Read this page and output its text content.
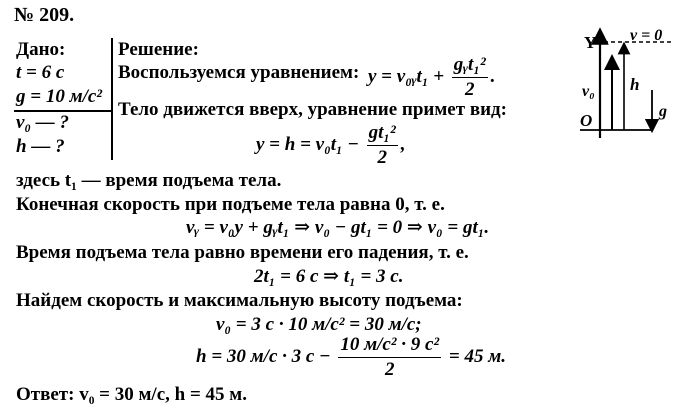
№ 209.
Дано:
t = 6 с
g = 10 м/с²
v₀ — ?
h — ?
Решение:
Воспользуемся уравнением: y = v₀ᵧt₁ + $\frac{\text{gᵧt₁²}}{2}$ .
Тело движется вверх, уравнение примет вид:
$y = h = v_0t_1 - \frac{\text{gt₁²}}{2}$ ,
здесь t₁ — время подъема тела.
Конечная скорость при подъеме тела равна 0, т. е.
vᵧ = v₀y + gᵧt₁ ⇒ v₀ − gt₁ = 0 ⇒ v₀ = gt₁.
Время подъема тела равно времени его падения, т. е.
2t₁ = 6 с ⇒ t₁ = 3 с.
Найдем скорость и максимальную высоту подъема:
v₀ = 3 с · 10 м/с² = 30 м/с;
h = 30 м/с · 3 $с - \frac{\text{10 м/с² · 9 с²}}{2} = 45$ м.
Ответ: v₀ = 30 м/с, h = 45 м.
Y v = 0
O
v₀ h
g
